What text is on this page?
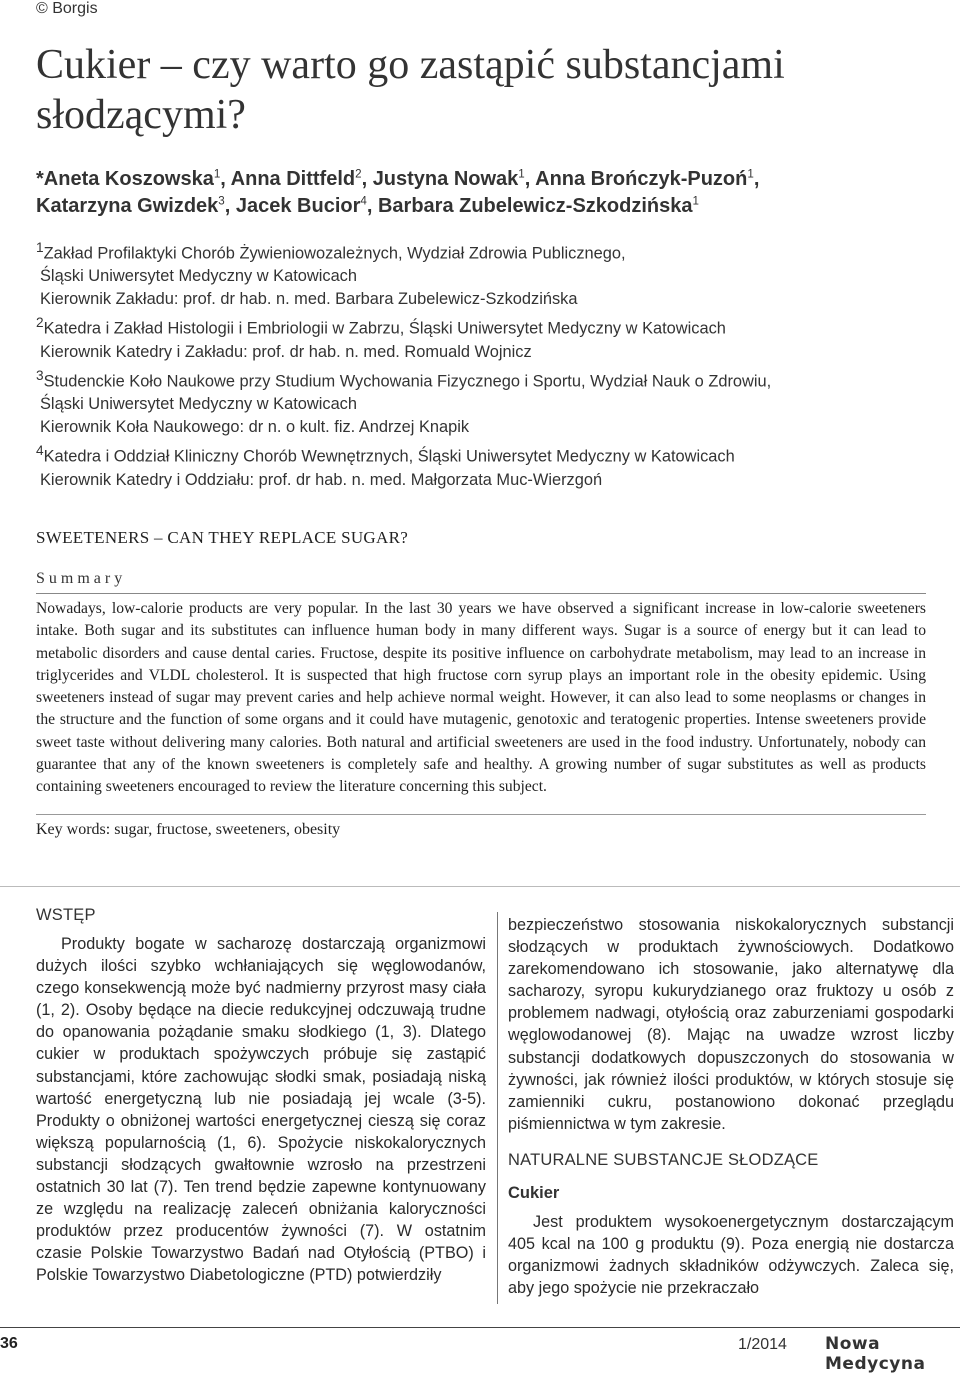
© Borgis
Cukier – czy warto go zastąpić substancjami słodzącymi?
*Aneta Koszowska$^1$, Anna Dittfeld$^2$, Justyna Nowak$^1$, Anna Brończyk-Puzoń$^1$,
Katarzyna Gwizdek$^3$, Jacek Bucior$^4$, Barbara Zubelewicz-Szkodzińska$^1$
$^1$Zakład Profilaktyki Chorób Żywieniowozależnych, Wydział Zdrowia Publicznego,
Śląski Uniwersytet Medyczny w Katowicach
Kierownik Zakładu: prof. dr hab. n. med. Barbara Zubelewicz-Szkodzińska
$^2$Katedra i Zakład Histologii i Embriologii w Zabrzu, Śląski Uniwersytet Medyczny w Katowicach
Kierownik Katedry i Zakładu: prof. dr hab. n. med. Romuald Wojnicz
$^3$Studenckie Koło Naukowe przy Studium Wychowania Fizycznego i Sportu, Wydział Nauk o Zdrowiu,
Śląski Uniwersytet Medyczny w Katowicach
Kierownik Koła Naukowego: dr n. o kult. fiz. Andrzej Knapik
$^4$Katedra i Oddział Kliniczny Chorób Wewnętrznych, Śląski Uniwersytet Medyczny w Katowicach
Kierownik Katedry i Oddziału: prof. dr hab. n. med. Małgorzata Muc-Wierzgoń
SWEETENERS – CAN THEY REPLACE SUGAR?
Summary
Nowadays, low-calorie products are very popular. In the last 30 years we have observed a significant increase in low-calorie sweeteners intake. Both sugar and its substitutes can influence human body in many different ways. Sugar is a source of energy but it can lead to metabolic disorders and cause dental caries. Fructose, despite its positive influence on carbohydrate metabolism, may lead to an increase in triglycerides and VLDL cholesterol. It is suspected that high fructose corn syrup plays an important role in the obesity epidemic. Using sweeteners instead of sugar may prevent caries and help achieve normal weight. However, it can also lead to some neoplasms or changes in the structure and the function of some organs and it could have mutagenic, genotoxic and teratogenic properties. Intense sweeteners provide sweet taste without delivering many calories. Both natural and artificial sweeteners are used in the food industry. Unfortunately, nobody can guarantee that any of the known sweeteners is completely safe and healthy. A growing number of sugar substitutes as well as products containing sweeteners encouraged to review the literature concerning this subject.
Key words: sugar, fructose, sweeteners, obesity
WSTĘP

Produkty bogate w sacharozę dostarczają organizmowi dużych ilości szybko wchłaniających się węglowodanów, czego konsekwencją może być nadmierny przyrost masy ciała (1, 2). Osoby będące na diecie redukcyjnej odczuwają trudne do opanowania pożądanie smaku słodkiego (1, 3). Dlatego cukier w produktach spożywczych próbuje się zastąpić substancjami, które zachowując słodki smak, posiadają niską wartość energetyczną lub nie posiadają jej wcale (3-5). Produkty o obniżonej wartości energetycznej cieszą się coraz większą popularnością (1, 6). Spożycie niskokalorycznych substancji słodzących gwałtownie wzrosło na przestrzeni ostatnich 30 lat (7). Ten trend będzie zapewne kontynuowany ze względu na realizację zaleceń obniżania kaloryczności produktów przez producentów żywności (7). W ostatnim czasie Polskie Towarzystwo Badań nad Otyłością (PTBO) i Polskie Towarzystwo Diabetologiczne (PTD) potwierdziły

bezpieczeństwo stosowania niskokalorycznych substancji słodzących w produktach żywnościowych. Dodatkowo zarekomendowano ich stosowanie, jako alternatywę dla sacharozy, syropu kukurydzianego oraz fruktozy u osób z problemem nadwagi, otyłością oraz zaburzeniami gospodarki węglowodanowej (8). Mając na uwadze wzrost liczby substancji dodatkowych dopuszczonych do stosowania w żywności, jak również ilości produktów, w których stosuje się zamienniki cukru, postanowiono dokonać przeglądu piśmiennictwa w tym zakresie.

NATURALNE SUBSTANCJE SŁODZĄCE
Cukier

Jest produktem wysokoenergetycznym dostarczającym 405 kcal na 100 g produktu (9). Poza energią nie dostarcza organizmowi żadnych składników odżywczych. Zaleca się, aby jego spożycie nie przekraczało

36	1/2014 Nowa Medycyna
